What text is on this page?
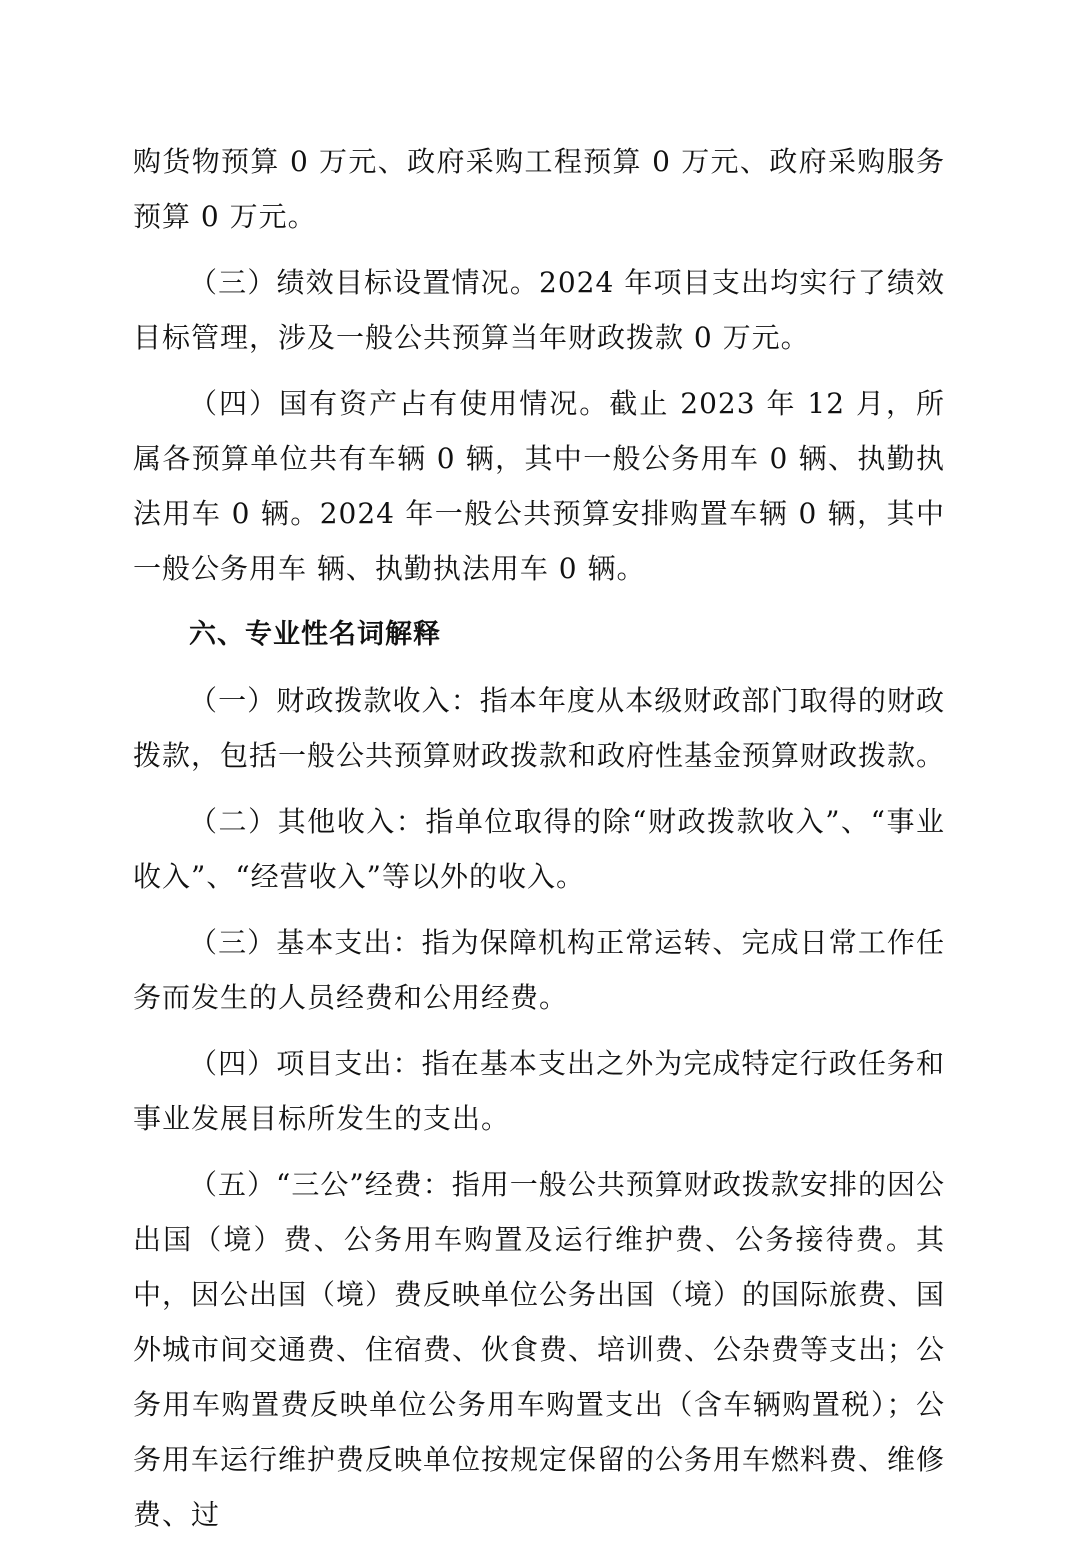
购货物预算 0 万元、政府采购工程预算 0 万元、政府采购服务预算 0 万元。

（三）绩效目标设置情况。2024 年项目支出均实行了绩效目标管理，涉及一般公共预算当年财政拨款 0 万元。

（四）国有资产占有使用情况。截止 2023 年 12 月，所属各预算单位共有车辆 0 辆，其中一般公务用车 0 辆、执勤执法用车 0 辆。2024 年一般公共预算安排购置车辆 0 辆，其中一般公务用车 辆、执勤执法用车 0 辆。

六、专业性名词解释

（一）财政拨款收入：指本年度从本级财政部门取得的财政拨款，包括一般公共预算财政拨款和政府性基金预算财政拨款。

（二）其他收入：指单位取得的除“财政拨款收入”、“事业收入”、“经营收入”等以外的收入。

（三）基本支出：指为保障机构正常运转、完成日常工作任务而发生的人员经费和公用经费。

（四）项目支出：指在基本支出之外为完成特定行政任务和事业发展目标所发生的支出。

（五）“三公”经费：指用一般公共预算财政拨款安排的因公出国（境）费、公务用车购置及运行维护费、公务接待费。其中，因公出国（境）费反映单位公务出国（境）的国际旅费、国外城市间交通费、住宿费、伙食费、培训费、公杂费等支出；公务用车购置费反映单位公务用车购置支出（含车辆购置税）；公务用车运行维护费反映单位按规定保留的公务用车燃料费、维修费、过
